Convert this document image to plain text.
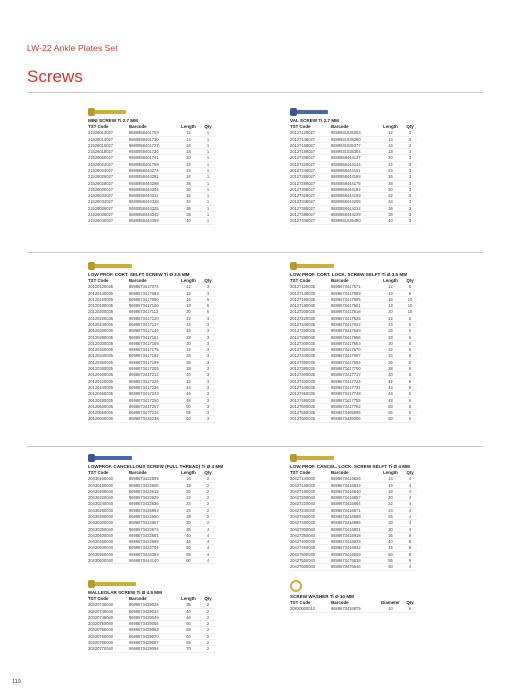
LW-22 Ankle Plates Set
Screws
MINI SCREW Ti 2.7 MM
TST Code	Barcode	Length	Qty
21528012027	8680858401703	12	1
21528014027	8680858401710	14	1
21528016027	8680858401727	16	1
21528018027	8680858401734	18	1
21528020027	8680858401741	20	1
21528022027	8680858401758	22	1
21528024027	8680858444274	24	1
21528026027	8680858444281	26	1
21528028027	8680858444298	28	1
21528030027	8680858444304	30	1
21528032027	8680858444311	32	1
21528034027	8680858444328	34	1
21528036027	8680858444335	36	1
21528038027	8680858444342	38	1
21528040027	8680858444359	40	1
VAL SCREW Ti 2.7 MM
TST Code	Barcode	Length	Qty
20127128027	8699931035353	12	3
20127148027	8699931035360	14	3
20127168027	8699931035377	16	3
20127188027	8699931035384	18	3
20127208027	8680858444137	20	3
20127228027	8680858444144	22	3
20127248027	8680858444151	24	3
20127268027	8680858444168	26	3
20127288027	8680858444175	28	3
20127308027	8680858444182	30	3
20127328027	8680858444199	32	3
20127348027	8680858444205	34	3
20127368027	8680858444212	36	3
20127388027	8680858444229	38	3
20127408027	8699931035490	40	3
LOW PROF. CORT. SELFT SCREW Ti Ø 3.5 MM
TST Code	Barcode	Length	Qty
20120120035	8698673417076	12	3
20120140035	8698673417083	14	3
20120160035	8698673417090	16	6
20120180035	8698673417106	18	6
20120200035	8698673417113	20	6
20120220035	8698673417120	22	3
20120240035	8698673417137	24	3
20120260035	8698673417144	26	3
20120280035	8698673417151	28	3
20120300035	8698673417168	30	3
20120320035	8698673417175	32	3
20120340035	8698673417182	34	3
20120360035	8698673417199	36	3
20120380035	8698673417205	38	3
20120400035	8698673417212	40	3
20120420035	8698673417229	42	3
20120440035	8698673417236	44	3
20120460035	8698673417243	46	3
20120480035	8698673417250	48	3
20120500035	8698673417267	50	3
20120550035	8698673477216	55	3
20120600035	8698673426238	60	3
LOW PROF. CORT. LOCK. SCREW SELFT Ti Ø 3.5 MM
TST Code	Barcode	Length	Qty
20127120035	8698673417571	12	5
20127140035	8698673417588	14	5
20127160035	8698673417595	16	10
20127180035	8698673417601	18	10
20127200035	8698673417618	20	10
20127220035	8698673417625	22	5
20127240035	8698673417632	24	5
20127260035	8698673417649	26	5
20127280035	8698673417656	28	5
20127300035	8698673417663	30	5
20127320035	8698673417670	32	5
20127340035	8698673417687	34	5
20127360035	8698673417694	36	5
20127380035	8698673417700	38	5
20127400035	8698673417717	40	5
20127420035	8698673417724	42	5
20127440035	8698673417731	44	5
20127460035	8698673417748	46	5
20127480035	8698673417755	48	5
20127500035	8698673417762	50	5
20127550035	8698673465895	55	5
20127600035	8698673439306	60	5
LOWPROF. CANCELLOUS SCREW (FULL THREAD) Ti Ø 4 MM
TST Code	Barcode	Length	Qty
20430160040	8698673422599	16	2
20430180040	8698673422605	18	2
20430200040	8698673422612	20	2
20430220040	8698673422629	22	2
20430240040	8698673422636	24	2
20430260040	8698673426993	26	2
20430280040	8698673422650	28	2
20430300040	8698673422667	30	2
20430350040	8698673422674	35	4
20430400040	8698673422681	40	4
20430450040	8698673422698	45	4
20430500040	8698673422704	50	4
20430550040	8698673434394	55	4
20430600040	8698673444140	60	4
LOW PROF. CANCEL. LOCK. SCREW SELFT Ti Ø 4 MM
TST Code	Barcode	Length	Qty
20427140040	8698673416826	14	4
20427160040	8698673416833	16	4
20427180040	8698673416840	18	4
20427200040	8698673416857	20	4
20427220040	8698673416864	22	4
20427240040	8698673416871	24	4
20427260040	8698673416888	26	4
20427280040	8698673416895	28	4
20427300040	8698673416901	30	4
20427350040	8698673416918	35	8
20427400040	8698673416925	40	8
20427450040	8698673416932	45	8
20427500040	8698673416949	50	8
20427550040	8698673476639	55	8
20427600040	8698673476646	60	4
MALLEOLAR SCREW Ti Ø 4.5 MM
TST Code	Barcode	Length	Qty
20320735040	8698673429025	35	2
20320740040	8698673429032	40	2
20320745040	8698673429049	45	2
20320750040	8698673429056	50	2
20320755040	8698673429063	55	2
20320760040	8698673429070	60	2
20320765040	8698673429087	65	2
20320770040	8698673429094	70	2
SCREW WASHER Ti Ø 10 MM
TST Code	Barcode	Diameter	Qty
20820000010	8698673434875	10	5
119
